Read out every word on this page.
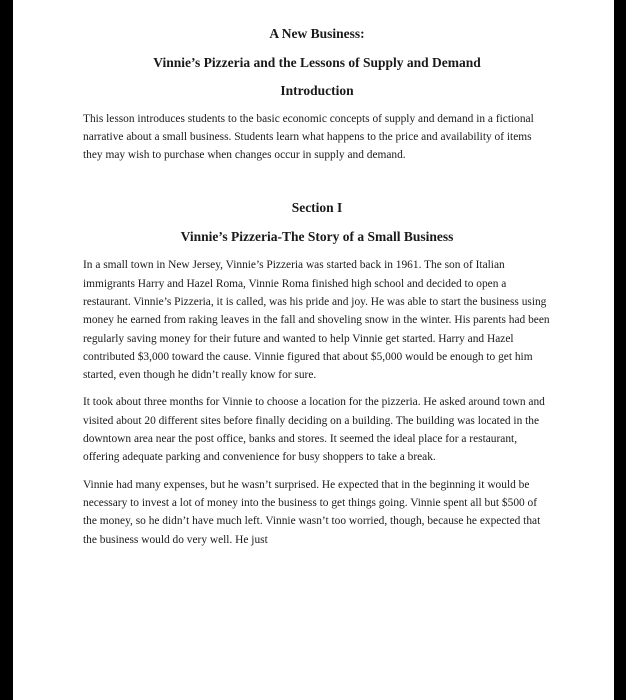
A New Business:
Vinnie’s Pizzeria and the Lessons of Supply and Demand
Introduction

This lesson introduces students to the basic economic concepts of supply and demand in a fictional narrative about a small business. Students learn what happens to the price and availability of items they may wish to purchase when changes occur in supply and demand.

Section I
Vinnie’s Pizzeria-The Story of a Small Business

In a small town in New Jersey, Vinnie’s Pizzeria was started back in 1961. The son of Italian immigrants Harry and Hazel Roma, Vinnie Roma finished high school and decided to open a restaurant. Vinnie’s Pizzeria, it is called, was his pride and joy. He was able to start the business using money he earned from raking leaves in the fall and shoveling snow in the winter. His parents had been regularly saving money for their future and wanted to help Vinnie get started. Harry and Hazel contributed $3,000 toward the cause. Vinnie figured that about $5,000 would be enough to get him started, even though he didn’t really know for sure.

It took about three months for Vinnie to choose a location for the pizzeria. He asked around town and visited about 20 different sites before finally deciding on a building. The building was located in the downtown area near the post office, banks and stores. It seemed the ideal place for a restaurant, offering adequate parking and convenience for busy shoppers to take a break.

Vinnie had many expenses, but he wasn’t surprised. He expected that in the beginning it would be necessary to invest a lot of money into the business to get things going. Vinnie spent all but $500 of the money, so he didn’t have much left. Vinnie wasn’t too worried, though, because he expected that the business would do very well. He just
